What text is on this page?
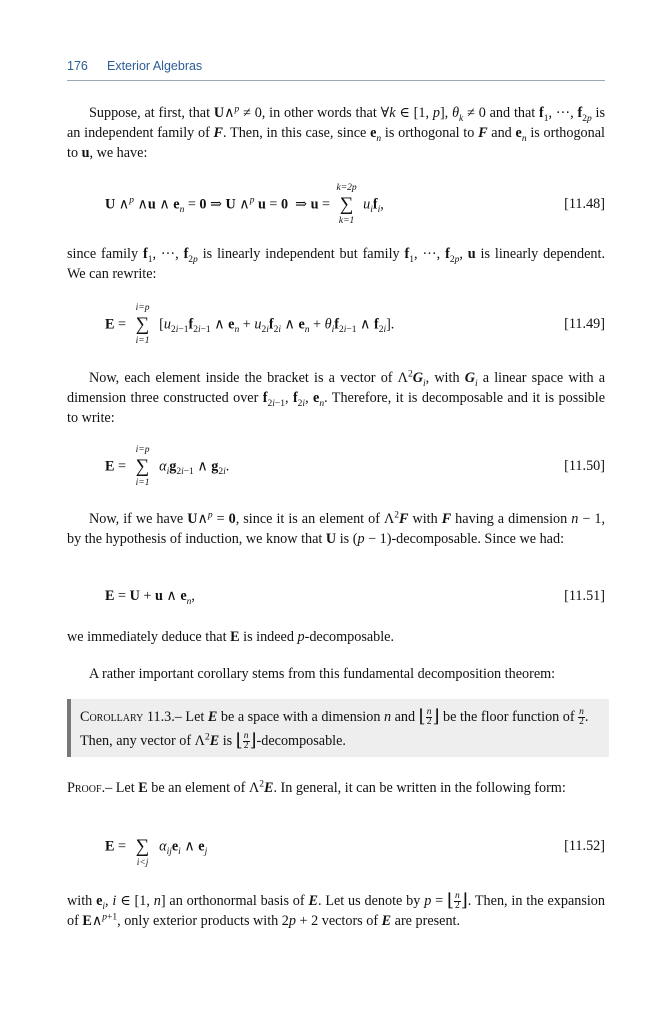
176 Exterior Algebras
Suppose, at first, that U∧$^p$ ≠ 0, in other words that ∀k ∈ [1, p], $\theta_k \ne 0$ and that $f_1$, ···, $f_{2p}$ is an independent family of F. Then, in this case, since $e_n$ is orthogonal to F and $e_n$ is orthogonal to u, we have:
U ∧$^p$ ∧u ∧ $e_n = 0$ ⇒ U ∧$^p$ u = 0  ⇒ u =
k=2p
∑
k=1
$u_if_i$,	[11.48]
since family $f_1$, ···, $f_{2p}$ is linearly independent but family $f_1$, ···, $f_{2p}$, u is linearly dependent. We can rewrite:
E =
i=p
∑
i=1
[$u_{2i-1}f_{2i-1}$ ∧ $e_n + u_{2i}f_{2i}$ ∧ $e_n + \theta_if_{2i-1}$ ∧ $f_{2i}$].	[11.49]
Now, each element inside the bracket is a vector of $\Lambda^2G_i$, with $G_i$ a linear space with a dimension three constructed over $f_{2i-1}$, $f_{2i}$, $e_n$. Therefore, it is decomposable and it is possible to write:
E =
i=p
∑
i=1
$\alpha_ig_{2i-1}$ ∧ $g_{2i}$.	[11.50]
Now, if we have U∧$^p$ = 0, since it is an element of $\Lambda^2F$ with F having a dimension n − 1, by the hypothesis of induction, we know that U is (p − 1)-decomposable. Since we had:
E = U + u ∧ $e_n$,	[11.51]
we immediately deduce that E is indeed p-decomposable.
A rather important corollary stems from this fundamental decomposition theorem:
Corollary 11.3.– Let E be a space with a dimension n and ⌊ $\frac{n}{2}$ ⌋ be the floor function of $\frac{n}{2}$ . Then, any vector of $\Lambda^2E$ is ⌊ $\frac{n}{2}$ ⌋-decomposable.
Proof.– Let E be an element of $\Lambda^2E$. In general, it can be written in the following form:
E =
i<j
∑ $\alpha_{ij}e_i$ ∧ $e_j$	[11.52]
with $e_i$, i ∈ [1, n] an orthonormal basis of E. Let us denote by p = ⌊ $\frac{n}{2}$ ⌋. Then, in the expansion of E∧$^{p+1}$, only exterior products with 2p + 2 vectors of E are present.
